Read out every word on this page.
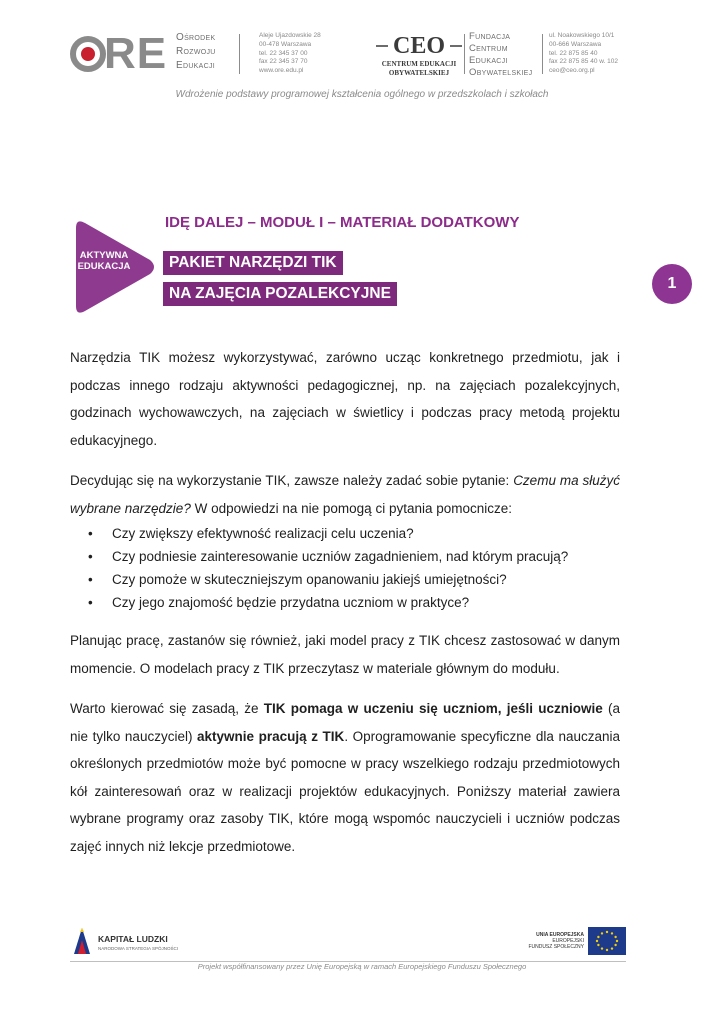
RE Ośrodek
Rozwoju
Edukacji
Aleje Ujazdowskie 28
00-478 Warszawa
tel. 22 345 37 00
fax 22 345 37 70
www.ore.edu.pl
CEO
CENTRUM EDUKACJI
OBYWATELSKIEJ
Fundacja
Centrum
Edukacji
Obywatelskiej
ul. Noakowskiego 10/1
00-666 Warszawa
tel. 22 875 85 40
fax 22 875 85 40 w. 102
ceo@ceo.org.pl
Wdrożenie podstawy programowej kształcenia ogólnego w przedszkolach i szkołach
AKTYWNA
EDUKACJA
IDĘ DALEJ – MODUŁ I – MATERIAŁ DODATKOWY
PAKIET NARZĘDZI TIK
NA ZAJĘCIA POZALEKCYJNE
1

Narzędzia TIK możesz wykorzystywać, zarówno ucząc konkretnego przedmiotu, jak i podczas innego rodzaju aktywności pedagogicznej, np. na zajęciach pozalekcyjnych, godzinach wychowawczych, na zajęciach w świetlicy i podczas pracy metodą projektu edukacyjnego.

Decydując się na wykorzystanie TIK, zawsze należy zadać sobie pytanie: Czemu ma służyć wybrane narzędzie? W odpowiedzi na nie pomogą ci pytania pomocnicze:

• Czy zwiększy efektywność realizacji celu uczenia?
• Czy podniesie zainteresowanie uczniów zagadnieniem, nad którym pracują?
• Czy pomoże w skuteczniejszym opanowaniu jakiejś umiejętności?
• Czy jego znajomość będzie przydatna uczniom w praktyce?

Planując pracę, zastanów się również, jaki model pracy z TIK chcesz zastosować w danym momencie. O modelach pracy z TIK przeczytasz w materiale głównym do modułu.

Warto kierować się zasadą, że TIK pomaga w uczeniu się uczniom, jeśli uczniowie (a nie tylko nauczyciel) aktywnie pracują z TIK. Oprogramowanie specyficzne dla nauczania określonych przedmiotów może być pomocne w pracy wszelkiego rodzaju przedmiotowych kół zainteresowań oraz w realizacji projektów edukacyjnych. Poniższy materiał zawiera wybrane programy oraz zasoby TIK, które mogą wspomóc nauczycieli i uczniów podczas zajęć innych niż lekcje przedmiotowe.

KAPITAŁ LUDZKI
NARODOWA STRATEGIA SPÓJNOŚCI
UNIA EUROPEJSKA
EUROPEJSKI
FUNDUSZ SPOŁECZNY
Projekt współfinansowany przez Unię Europejską w ramach Europejskiego Funduszu Społecznego
